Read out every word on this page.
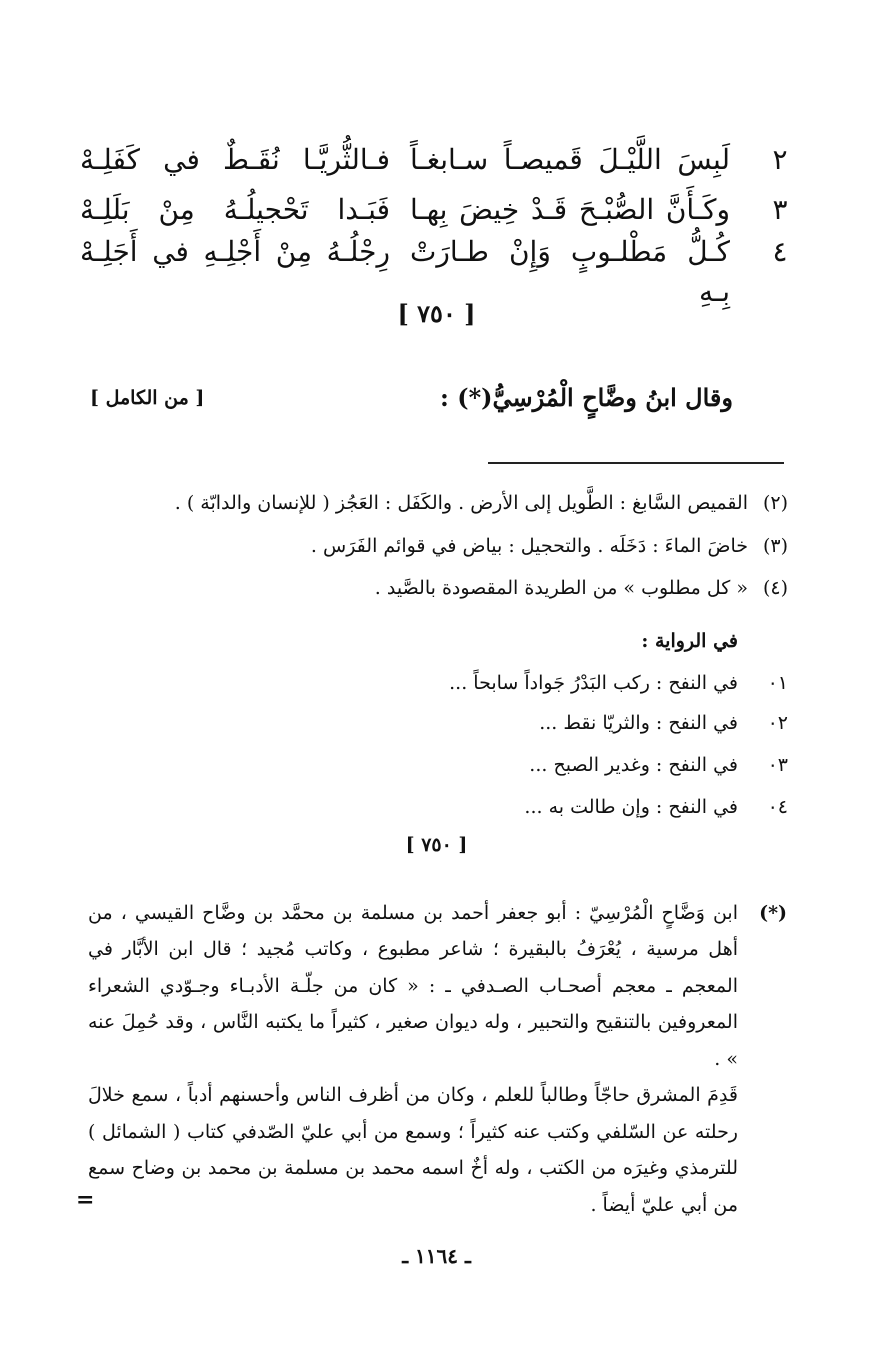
٢
لَبِسَ اللَّيْـلَ قَميصـاً سـابغـاً
فـالثُّريَّـا نُقَـطٌ في كَفَلِـهْ
٣
وكَـأَنَّ الصُّبْـحَ قَـدْ خِيضَ بِهـا
فَبَـدا تَحْجيلُـهُ مِنْ بَلَلِـهْ
٤
كُـلُّ مَطْلـوبٍ وَإِنْ طـارَتْ بِـهِ
رِجْلُـهُ مِنْ أَجْلِـهِ في أَجَلِـهْ
[ ٧٥٠ ]
وقال ابنُ وضَّاحٍ الْمُرْسِيُّ(*) :
[ من الكامل ]
(٢)القميص السَّابغ : الطَّويل إلى الأرض . والكَفَل : العَجُز ( للإنسان والدابّة ) .
(٣)خاضَ الماءَ : دَخَلَه . والتحجيل : بياض في قوائم الفَرَس .
(٤)« كل مطلوب » من الطريدة المقصودة بالصَّيد .
في الرواية :
٠١في النفح : ركب البَدْرُ جَواداً سابحاً ...
٠٢في النفح : والثريّا نقط ...
٠٣في النفح : وغدير الصبح ...
٠٤في النفح : وإن طالت به ...
[ ٧٥٠ ]
(*)
ابن وَضَّاحٍ الْمُرْسِيّ : أبو جعفر أحمد بن مسلمة بن محمَّد بن وضَّاح القيسي ، من أهل مرسية ، يُعْرَفُ بالبقيرة ؛ شاعر مطبوع ، وكاتب مُجيد ؛ قال ابن الأبَّار في المعجم ـ معجم أصحـاب الصـدفي ـ : « كان من جلّـة الأدبـاء وجـوّدي الشعراء المعروفين بالتنقيح والتحبير ، وله ديوان صغير ، كثيراً ما يكتبه النَّاس ، وقد حُمِلَ عنه » .
قَدِمَ المشرق حاجّاً وطالباً للعلم ، وكان من أظرف الناس وأحسنهم أدباً ، سمع خلالَ رحلته عن السّلفي وكتب عنه كثيراً ؛ وسمع من أبي عليّ الصّدفي كتاب ( الشمائل ) للترمذي وغيرَه من الكتب ، وله أخٌ اسمه محمد بن مسلمة بن محمد بن وضاح سمع من أبي عليّ أيضاً .
=
ـ ١١٦٤ ـ
